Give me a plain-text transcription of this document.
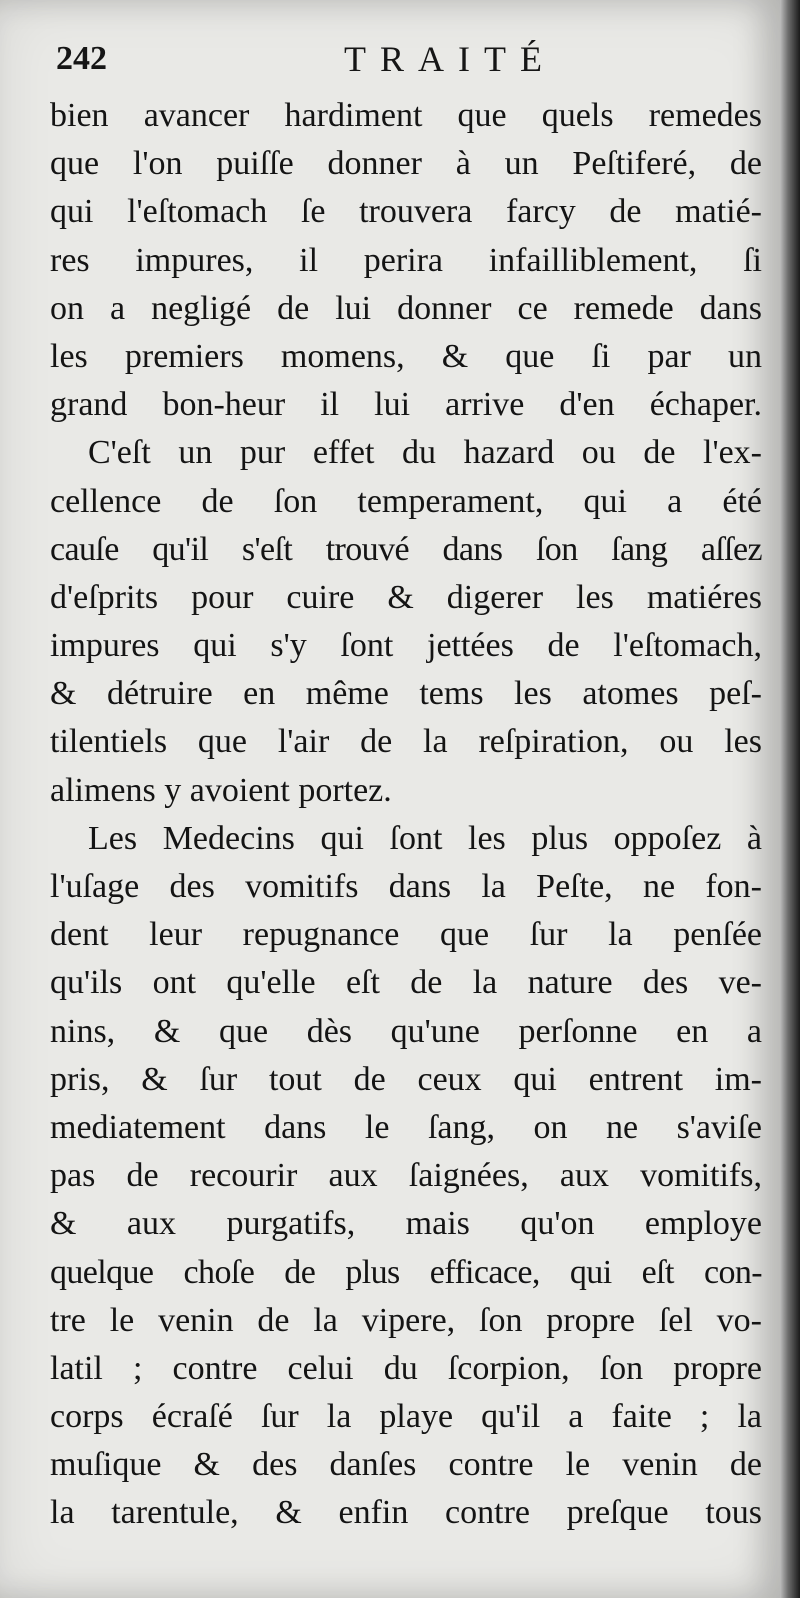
242	TRAITÉ
bien avancer hardiment que quels remedes
que l'on puiſſe donner à un Peſtiferé, de
qui l'eſtomach ſe trouvera farcy de matié-
res impures, il perira infailliblement, ſi
on a negligé de lui donner ce remede dans
les premiers momens, & que ſi par un
grand bon-heur il lui arrive d'en échaper.
C'eſt un pur effet du hazard ou de l'ex-
cellence de ſon temperament, qui a été
cauſe qu'il s'eſt trouvé dans ſon ſang aſſez
d'eſprits pour cuire & digerer les matiéres
impures qui s'y ſont jettées de l'eſtomach,
& détruire en même tems les atomes peſ-
tilentiels que l'air de la reſpiration, ou les
alimens y avoient portez.
Les Medecins qui ſont les plus oppoſez à
l'uſage des vomitifs dans la Peſte, ne fon-
dent leur repugnance que ſur la penſée
qu'ils ont qu'elle eſt de la nature des ve-
nins, & que dès qu'une perſonne en a
pris, & ſur tout de ceux qui entrent im-
mediatement dans le ſang, on ne s'aviſe
pas de recourir aux ſaignées, aux vomitifs,
& aux purgatifs, mais qu'on employe
quelque choſe de plus efficace, qui eſt con-
tre le venin de la vipere, ſon propre ſel vo-
latil ; contre celui du ſcorpion, ſon propre
corps écraſé ſur la playe qu'il a faite ; la
muſique & des danſes contre le venin de
la tarentule, & enfin contre preſque tous
